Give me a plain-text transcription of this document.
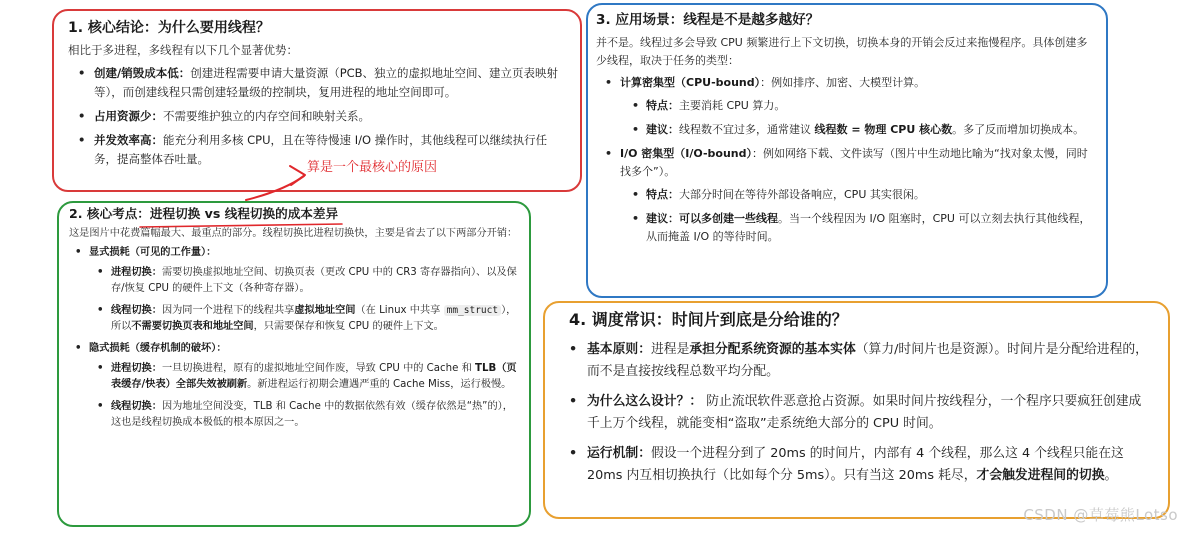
1. 核心结论：为什么要用线程？

相比于多进程，多线程有以下几个显著优势：

• 创建/销毁成本低：创建进程需要申请大量资源（PCB、独立的虚拟地址空间、建立页表映射等），而创建线程只需创建轻量级的控制块，复用进程的地址空间即可。
• 占用资源少：不需要维护独立的内存空间和映射关系。
• 并发效率高：能充分利用多核 CPU，且在等待慢速 I/O 操作时，其他线程可以继续执行任务，提高整体吞吐量。
算是一个最核心的原因
2. 核心考点：进程切换 vs 线程切换的成本差异

这是图片中花费篇幅最大、最重点的部分。线程切换比进程切换快，主要是省去了以下两部分开销：

• 显式损耗（可见的工作量）：
• 进程切换：需要切换虚拟地址空间、切换页表（更改 CPU 中的 CR3 寄存器指向）、以及保存/恢复 CPU 的硬件上下文（各种寄存器）。
• 线程切换：因为同一个进程下的线程共享虚拟地址空间（在 Linux 中共享 mm_struct ），所以不需要切换页表和地址空间，只需要保存和恢复 CPU 的硬件上下文。
• 隐式损耗（缓存机制的破坏）：
• 进程切换：一旦切换进程，原有的虚拟地址空间作废，导致 CPU 中的 Cache 和 TLB（页表缓存/快表）全部失效被刷新。新进程运行初期会遭遇严重的 Cache Miss，运行极慢。
• 线程切换：因为地址空间没变，TLB 和 Cache 中的数据依然有效（缓存依然是“热”的），这也是线程切换成本极低的根本原因之一。
3. 应用场景：线程是不是越多越好？

并不是。线程过多会导致 CPU 频繁进行上下文切换，切换本身的开销会反过来拖慢程序。具体创建多少线程，取决于任务的类型：

• 计算密集型（CPU-bound）：例如排序、加密、大模型计算。
• 特点：主要消耗 CPU 算力。
• 建议：线程数不宜过多，通常建议 线程数 = 物理 CPU 核心数。多了反而增加切换成本。
• I/O 密集型（I/O-bound）：例如网络下载、文件读写（图片中生动地比喻为“找对象太慢，同时找多个”）。
• 特点：大部分时间在等待外部设备响应，CPU 其实很闲。
• 建议：可以多创建一些线程。当一个线程因为 I/O 阻塞时，CPU 可以立刻去执行其他线程，从而掩盖 I/O 的等待时间。
4. 调度常识：时间片到底是分给谁的？
• 基本原则：进程是承担分配系统资源的基本实体（算力/时间片也是资源）。时间片是分配给进程的，而不是直接按线程总数平均分配。
• 为什么这么设计？： 防止流氓软件恶意抢占资源。如果时间片按线程分，一个程序只要疯狂创建成千上万个线程，就能变相“盗取”走系统绝大部分的 CPU 时间。
• 运行机制：假设一个进程分到了 20ms 的时间片，内部有 4 个线程，那么这 4 个线程只能在这 20ms 内互相切换执行（比如每个分 5ms）。只有当这 20ms 耗尽，才会触发进程间的切换。
CSDN @草莓熊Lotso
